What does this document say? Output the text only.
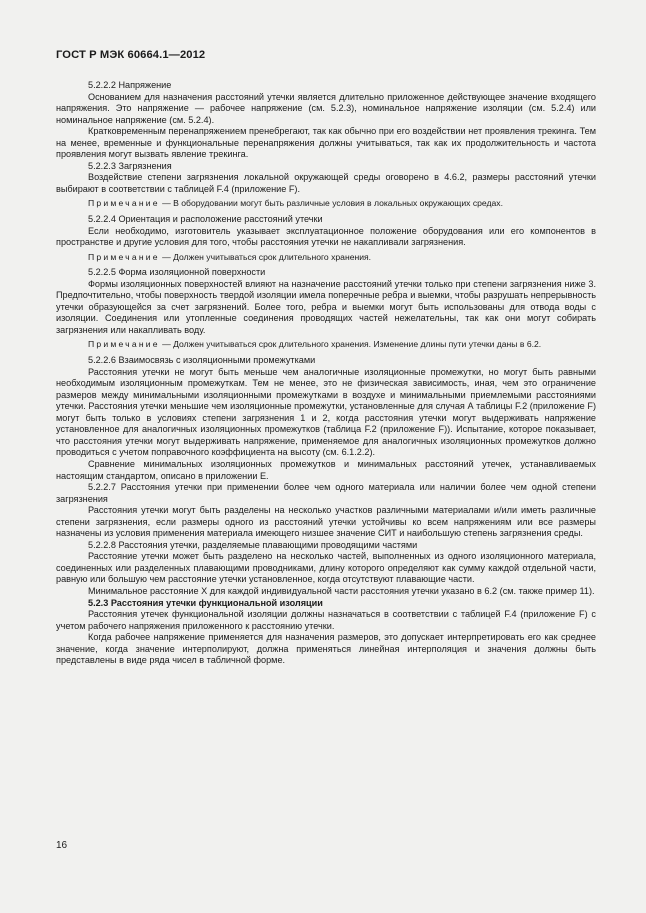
ГОСТ Р МЭК 60664.1—2012

5.2.2.2 Напряжение

Основанием для назначения расстояний утечки является длительно приложенное действующее значение входящего напряжения. Это напряжение — рабочее напряжение (см. 5.2.3), номинальное напряжение изоляции (см. 5.2.4) или номинальное напряжение (см. 5.2.4).

Кратковременным перенапряжением пренебрегают, так как обычно при его воздействии нет проявления трекинга. Тем на менее, временные и функциональные перенапряжения должны учитываться, так как их продолжительность и частота проявления могут вызвать явление трекинга.

5.2.2.3 Загрязнения

Воздействие степени загрязнения локальной окружающей среды оговорено в 4.6.2, размеры расстояний утечки выбирают в соответствии с таблицей F.4 (приложение F).

Примечание — В оборудовании могут быть различные условия в локальных окружающих средах.

5.2.2.4 Ориентация и расположение расстояний утечки

Если необходимо, изготовитель указывает эксплуатационное положение оборудования или его компонентов в пространстве и другие условия для того, чтобы расстояния утечки не накапливали загрязнения.

Примечание — Должен учитываться срок длительного хранения.

5.2.2.5 Форма изоляционной поверхности

Формы изоляционных поверхностей влияют на назначение расстояний утечки только при степени загрязнения ниже 3. Предпочтительно, чтобы поверхность твердой изоляции имела поперечные ребра и выемки, чтобы разрушать непрерывность утечки образующейся за счет загрязнений. Более того, ребра и выемки могут быть использованы для отвода воды с изоляции. Соединения или утопленные соединения проводящих частей нежелательны, так как они могут собирать загрязнения или накапливать воду.

Примечание — Должен учитываться срок длительного хранения. Изменение длины пути утечки даны в 6.2.

5.2.2.6 Взаимосвязь с изоляционными промежутками

Расстояния утечки не могут быть меньше чем аналогичные изоляционные промежутки, но могут быть равными необходимым изоляционным промежуткам. Тем не менее, это не физическая зависимость, иная, чем это ограничение размеров между минимальными изоляционными промежутками в воздухе и минимальными приемлемыми расстояниями утечки. Расстояния утечки меньшие чем изоляционные промежутки, установленные для случая А таблицы F.2 (приложение F) могут быть только в условиях степени загрязнения 1 и 2, когда расстояния утечки могут выдерживать напряжение установленное для аналогичных изоляционных промежутков (таблица F.2 (приложение F)). Испытание, которое показывает, что расстояния утечки могут выдерживать напряжение, применяемое для аналогичных изоляционных промежутков должно проводиться с учетом поправочного коэффициента на высоту (см. 6.1.2.2).

Сравнение минимальных изоляционных промежутков и минимальных расстояний утечек, устанавливаемых настоящим стандартом, описано в приложении Е.

5.2.2.7 Расстояния утечки при применении более чем одного материала или наличии более чем одной степени загрязнения

Расстояния утечки могут быть разделены на несколько участков различными материалами и/или иметь различные степени загрязнения, если размеры одного из расстояний утечки устойчивы ко всем напряжениям или все размеры назначены из условия применения материала имеющего низшее значение СИТ и наибольшую степень загрязнения среды.

5.2.2.8 Расстояния утечки, разделяемые плавающими проводящими частями

Расстояние утечки может быть разделено на несколько частей, выполненных из одного изоляционного материала, соединенных или разделенных плавающими проводниками, длину которого определяют как сумму каждой отдельной части, равную или большую чем расстояние утечки установленное, когда отсутствуют плавающие части.

Минимальное расстояние Х для каждой индивидуальной части расстояния утечки указано в 6.2 (см. также пример 11).

5.2.3 Расстояния утечки функциональной изоляции

Расстояния утечек функциональной изоляции должны назначаться в соответствии с таблицей F.4 (приложение F) с учетом рабочего напряжения приложенного к расстоянию утечки.

Когда рабочее напряжение применяется для назначения размеров, это допускает интерпретировать его как среднее значение, когда значение интерполируют, должна применяться линейная интерполяция и значения должны быть представлены в виде ряда чисел в табличной форме.

16
